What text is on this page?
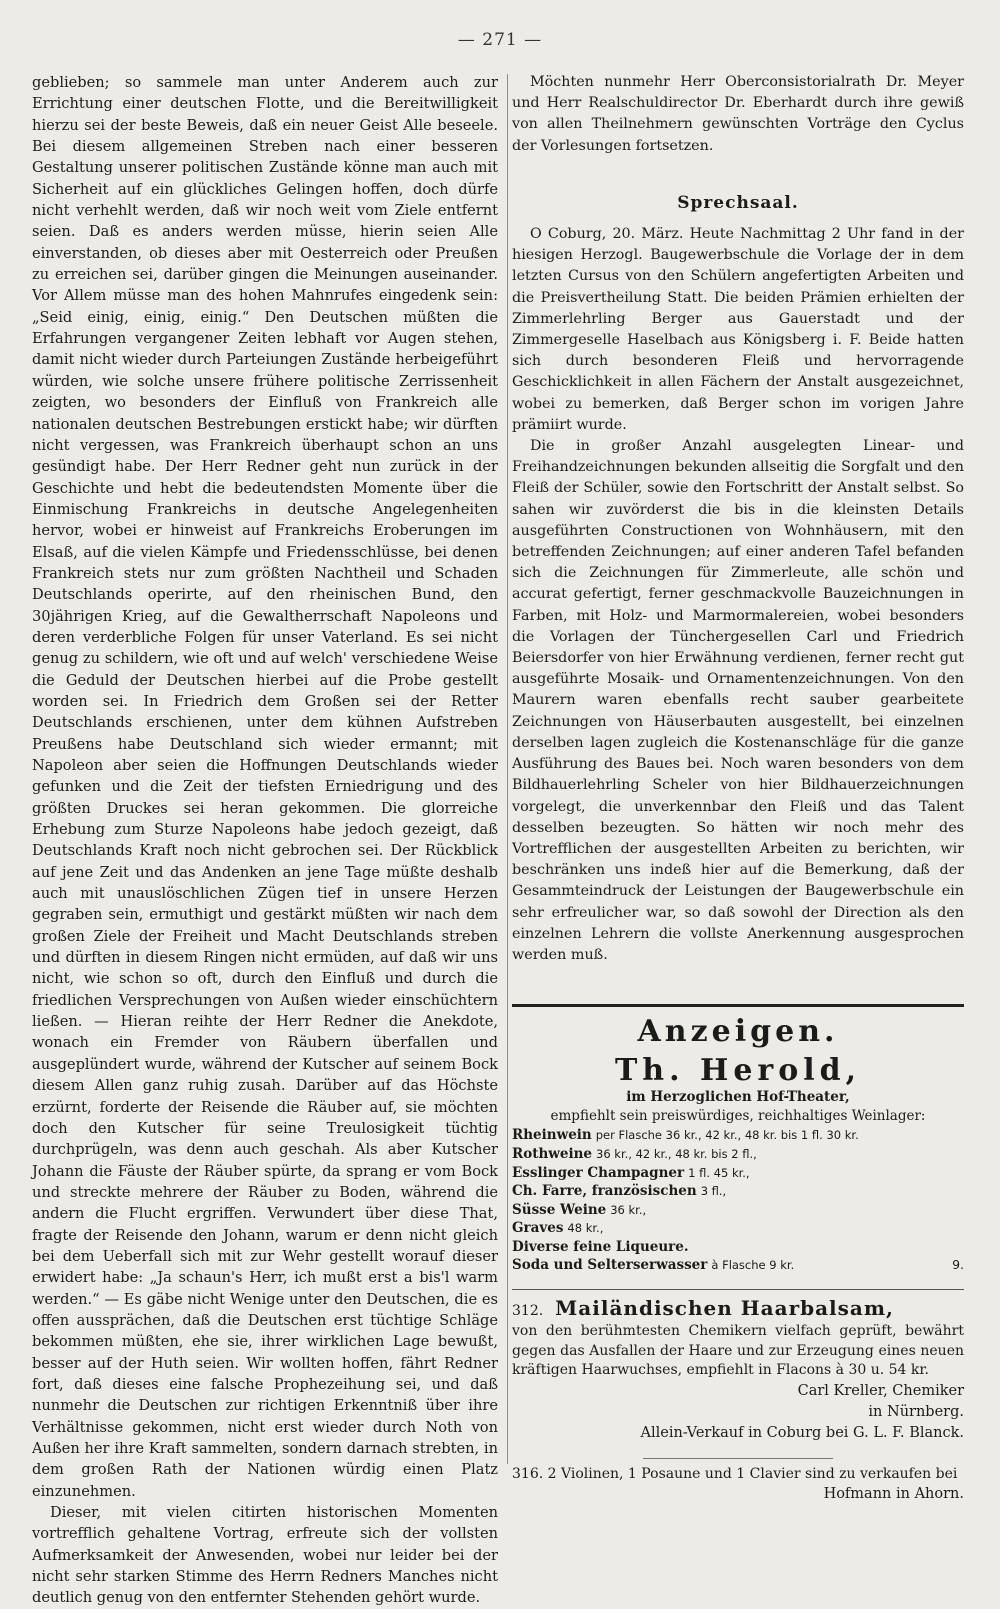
— 271 —

geblieben; so sammele man unter Anderem auch zur Errichtung einer deutschen Flotte, und die Bereitwilligkeit hierzu sei der beste Beweis, daß ein neuer Geist Alle beseele. Bei diesem allgemeinen Streben nach einer besseren Gestaltung unserer politischen Zustände könne man auch mit Sicherheit auf ein glückliches Gelingen hoffen, doch dürfe nicht verhehlt werden, daß wir noch weit vom Ziele entfernt seien. Daß es anders werden müsse, hierin seien Alle einverstanden, ob dieses aber mit Oesterreich oder Preußen zu erreichen sei, darüber gingen die Meinungen auseinander. Vor Allem müsse man des hohen Mahnrufes eingedenk sein: „Seid einig, einig, einig.“ Den Deutschen müßten die Erfahrungen vergangener Zeiten lebhaft vor Augen stehen, damit nicht wieder durch Parteiungen Zustände herbeigeführt würden, wie solche unsere frühere politische Zerrissenheit zeigten, wo besonders der Einfluß von Frankreich alle nationalen deutschen Bestrebungen erstickt habe; wir dürften nicht vergessen, was Frankreich überhaupt schon an uns gesündigt habe. Der Herr Redner geht nun zurück in der Geschichte und hebt die bedeutendsten Momente über die Einmischung Frankreichs in deutsche Angelegenheiten hervor, wobei er hinweist auf Frankreichs Eroberungen im Elsaß, auf die vielen Kämpfe und Friedensschlüsse, bei denen Frankreich stets nur zum größten Nachtheil und Schaden Deutschlands operirte, auf den rheinischen Bund, den 30jährigen Krieg, auf die Gewaltherrschaft Napoleons und deren verderbliche Folgen für unser Vaterland. Es sei nicht genug zu schildern, wie oft und auf welch' verschiedene Weise die Geduld der Deutschen hierbei auf die Probe gestellt worden sei. In Friedrich dem Großen sei der Retter Deutschlands erschienen, unter dem kühnen Aufstreben Preußens habe Deutschland sich wieder ermannt; mit Napoleon aber seien die Hoffnungen Deutschlands wieder gefunken und die Zeit der tiefsten Erniedrigung und des größten Druckes sei heran gekommen. Die glorreiche Erhebung zum Sturze Napoleons habe jedoch gezeigt, daß Deutschlands Kraft noch nicht gebrochen sei. Der Rückblick auf jene Zeit und das Andenken an jene Tage müßte deshalb auch mit unauslöschlichen Zügen tief in unsere Herzen gegraben sein, ermuthigt und gestärkt müßten wir nach dem großen Ziele der Freiheit und Macht Deutschlands streben und dürften in diesem Ringen nicht ermüden, auf daß wir uns nicht, wie schon so oft, durch den Einfluß und durch die friedlichen Versprechungen von Außen wieder einschüchtern ließen. — Hieran reihte der Herr Redner die Anekdote, wonach ein Fremder von Räubern überfallen und ausgeplündert wurde, während der Kutscher auf seinem Bock diesem Allen ganz ruhig zusah. Darüber auf das Höchste erzürnt, forderte der Reisende die Räuber auf, sie möchten doch den Kutscher für seine Treulosigkeit tüchtig durchprügeln, was denn auch geschah. Als aber Kutscher Johann die Fäuste der Räuber spürte, da sprang er vom Bock und streckte mehrere der Räuber zu Boden, während die andern die Flucht ergriffen. Verwundert über diese That, fragte der Reisende den Johann, warum er denn nicht gleich bei dem Ueberfall sich mit zur Wehr gestellt worauf dieser erwidert habe: „Ja schaun's Herr, ich mußt erst a bis'l warm werden.“ — Es gäbe nicht Wenige unter den Deutschen, die es offen aussprächen, daß die Deutschen erst tüchtige Schläge bekommen müßten, ehe sie, ihrer wirklichen Lage bewußt, besser auf der Huth seien. Wir wollten hoffen, fährt Redner fort, daß dieses eine falsche Prophezeihung sei, und daß nunmehr die Deutschen zur richtigen Erkenntniß über ihre Verhältnisse gekommen, nicht erst wieder durch Noth von Außen her ihre Kraft sammelten, sondern darnach strebten, in dem großen Rath der Nationen würdig einen Platz einzunehmen.

Dieser, mit vielen citirten historischen Momenten vortrefflich gehaltene Vortrag, erfreute sich der vollsten Aufmerksamkeit der Anwesenden, wobei nur leider bei der nicht sehr starken Stimme des Herrn Redners Manches nicht deutlich genug von den entfernter Stehenden gehört wurde.

Möchten nunmehr Herr Oberconsistorialrath Dr. Meyer und Herr Realschuldirector Dr. Eberhardt durch ihre gewiß von allen Theilnehmern gewünschten Vorträge den Cyclus der Vorlesungen fortsetzen.

Sprechsaal.

O Coburg, 20. März. Heute Nachmittag 2 Uhr fand in der hiesigen Herzogl. Baugewerbschule die Vorlage der in dem letzten Cursus von den Schülern angefertigten Arbeiten und die Preisvertheilung Statt. Die beiden Prämien erhielten der Zimmerlehrling Berger aus Gauerstadt und der Zimmergeselle Haselbach aus Königsberg i. F. Beide hatten sich durch besonderen Fleiß und hervorragende Geschicklichkeit in allen Fächern der Anstalt ausgezeichnet, wobei zu bemerken, daß Berger schon im vorigen Jahre prämiirt wurde.

Die in großer Anzahl ausgelegten Linear- und Freihandzeichnungen bekunden allseitig die Sorgfalt und den Fleiß der Schüler, sowie den Fortschritt der Anstalt selbst. So sahen wir zuvörderst die bis in die kleinsten Details ausgeführten Constructionen von Wohnhäusern, mit den betreffenden Zeichnungen; auf einer anderen Tafel befanden sich die Zeichnungen für Zimmerleute, alle schön und accurat gefertigt, ferner geschmackvolle Bauzeichnungen in Farben, mit Holz- und Marmormalereien, wobei besonders die Vorlagen der Tünchergesellen Carl und Friedrich Beiersdorfer von hier Erwähnung verdienen, ferner recht gut ausgeführte Mosaik- und Ornamentenzeichnungen. Von den Maurern waren ebenfalls recht sauber gearbeitete Zeichnungen von Häuserbauten ausgestellt, bei einzelnen derselben lagen zugleich die Kostenanschläge für die ganze Ausführung des Baues bei. Noch waren besonders von dem Bildhauerlehrling Scheler von hier Bildhauerzeichnungen vorgelegt, die unverkennbar den Fleiß und das Talent desselben bezeugten. So hätten wir noch mehr des Vortrefflichen der ausgestellten Arbeiten zu berichten, wir beschränken uns indeß hier auf die Bemerkung, daß der Gesammteindruck der Leistungen der Baugewerbschule ein sehr erfreulicher war, so daß sowohl der Direction als den einzelnen Lehrern die vollste Anerkennung ausgesprochen werden muß.

Anzeigen.
Th. Herold,
im Herzoglichen Hof-Theater,
empfiehlt sein preiswürdiges, reichhaltiges Weinlager:
Rheinwein per Flasche 36 kr., 42 kr., 48 kr. bis 1 fl. 30 kr.
Rothweine 36 kr., 42 kr., 48 kr. bis 2 fl.,
Esslinger Champagner 1 fl. 45 kr.,
Ch. Farre, französischen 3 fl.,
Süsse Weine 36 kr.,
Graves 48 kr.,
Diverse feine Liqueure.
Soda und Selterserwasser à Flasche 9 kr.	9.
312. Mailändischen Haarbalsam,
von den berühmtesten Chemikern vielfach geprüft, bewährt gegen das Ausfallen der Haare und zur Erzeugung eines neuen kräftigen Haarwuchses, empfiehlt in Flacons à 30 u. 54 kr.
Carl Kreller, Chemiker
in Nürnberg.
Allein-Verkauf in Coburg bei G. L. F. Blanck.
316. 2 Violinen, 1 Posaune und 1 Clavier sind zu verkaufen bei
Hofmann in Ahorn.
